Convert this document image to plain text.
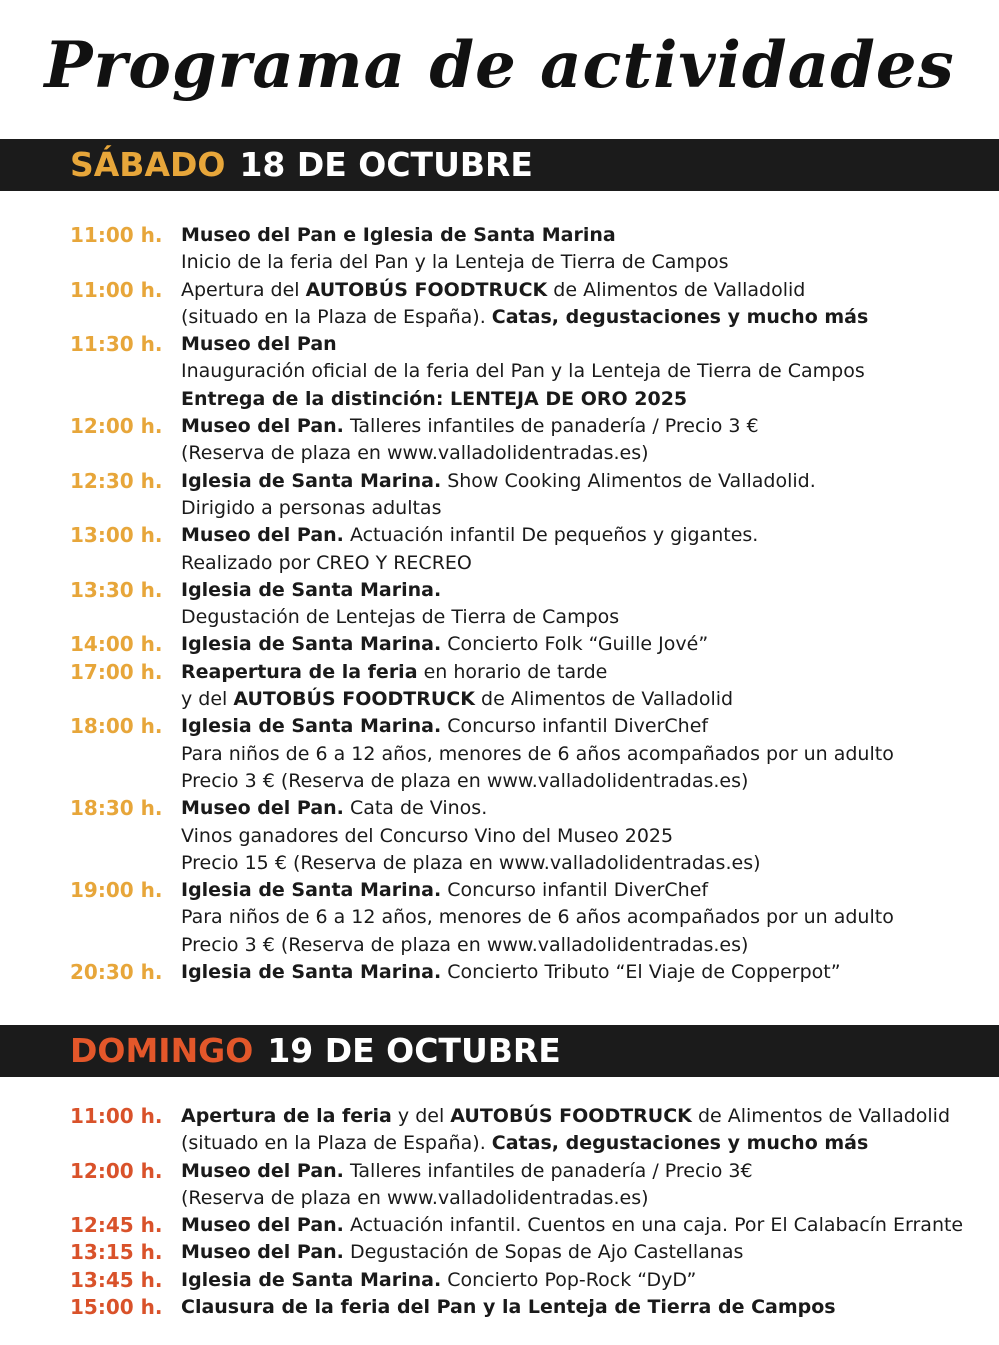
Programa de actividades
SÁBADO 18 DE OCTUBRE
11:00 h. Museo del Pan e Iglesia de Santa Marina
Inicio de la feria del Pan y la Lenteja de Tierra de Campos
11:00 h. Apertura del AUTOBÚS FOODTRUCK de Alimentos de Valladolid
(situado en la Plaza de España). Catas, degustaciones y mucho más
11:30 h. Museo del Pan
Inauguración oficial de la feria del Pan y la Lenteja de Tierra de Campos
Entrega de la distinción: LENTEJA DE ORO 2025
12:00 h. Museo del Pan. Talleres infantiles de panadería / Precio 3 €
(Reserva de plaza en www.valladolidentradas.es)
12:30 h. Iglesia de Santa Marina. Show Cooking Alimentos de Valladolid.
Dirigido a personas adultas
13:00 h. Museo del Pan. Actuación infantil De pequeños y gigantes.
Realizado por CREO Y RECREO
13:30 h. Iglesia de Santa Marina.
Degustación de Lentejas de Tierra de Campos
14:00 h. Iglesia de Santa Marina. Concierto Folk “Guille Jové”
17:00 h. Reapertura de la feria en horario de tarde
y del AUTOBÚS FOODTRUCK de Alimentos de Valladolid
18:00 h. Iglesia de Santa Marina. Concurso infantil DiverChef
Para niños de 6 a 12 años, menores de 6 años acompañados por un adulto
Precio 3 € (Reserva de plaza en www.valladolidentradas.es)
18:30 h. Museo del Pan. Cata de Vinos.
Vinos ganadores del Concurso Vino del Museo 2025
Precio 15 € (Reserva de plaza en www.valladolidentradas.es)
19:00 h. Iglesia de Santa Marina. Concurso infantil DiverChef
Para niños de 6 a 12 años, menores de 6 años acompañados por un adulto
Precio 3 € (Reserva de plaza en www.valladolidentradas.es)
20:30 h. Iglesia de Santa Marina. Concierto Tributo “El Viaje de Copperpot”
DOMINGO 19 DE OCTUBRE
11:00 h. Apertura de la feria y del AUTOBÚS FOODTRUCK de Alimentos de Valladolid
(situado en la Plaza de España). Catas, degustaciones y mucho más
12:00 h. Museo del Pan. Talleres infantiles de panadería / Precio 3€
(Reserva de plaza en www.valladolidentradas.es)
12:45 h. Museo del Pan. Actuación infantil. Cuentos en una caja. Por El Calabacín Errante
13:15 h. Museo del Pan. Degustación de Sopas de Ajo Castellanas
13:45 h. Iglesia de Santa Marina. Concierto Pop-Rock “DyD”
15:00 h. Clausura de la feria del Pan y la Lenteja de Tierra de Campos
